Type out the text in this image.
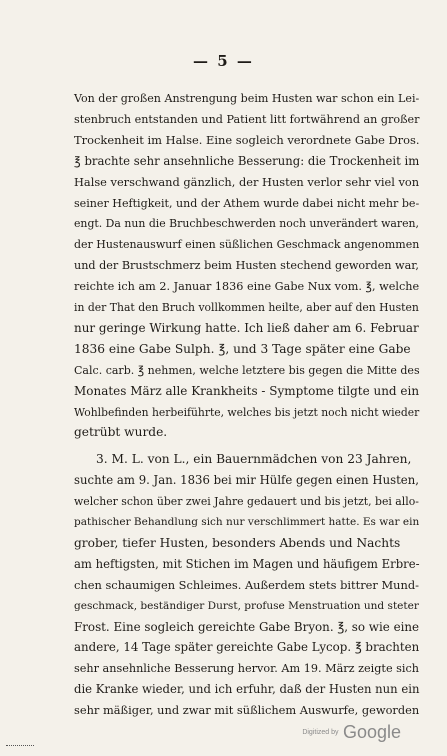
— 5 —
Von der großen Anstrengung beim Husten war schon ein Lei-
stenbruch entstanden und Patient litt fortwährend an großer
Trockenheit im Halse. Eine sogleich verordnete Gabe Dros.
℥ brachte sehr ansehnliche Besserung: die Trockenheit im
Halse verschwand gänzlich, der Husten verlor sehr viel von
seiner Heftigkeit, und der Athem wurde dabei nicht mehr be-
engt. Da nun die Bruchbeschwerden noch unverändert waren,
der Hustenauswurf einen süßlichen Geschmack angenommen
und der Brustschmerz beim Husten stechend geworden war,
reichte ich am 2. Januar 1836 eine Gabe Nux vom. ℥, welche
in der That den Bruch vollkommen heilte, aber auf den Husten
nur geringe Wirkung hatte. Ich ließ daher am 6. Februar
1836 eine Gabe Sulph. ℥, und 3 Tage später eine Gabe
Calc. carb. ℥ nehmen, welche letztere bis gegen die Mitte des
Monates März alle Krankheits - Symptome tilgte und ein
Wohlbefinden herbeiführte, welches bis jetzt noch nicht wieder
getrübt wurde.
3. M. L. von L., ein Bauernmädchen von 23 Jahren,
suchte am 9. Jan. 1836 bei mir Hülfe gegen einen Husten,
welcher schon über zwei Jahre gedauert und bis jetzt, bei allo-
pathischer Behandlung sich nur verschlimmert hatte. Es war ein
grober, tiefer Husten, besonders Abends und Nachts
am heftigsten, mit Stichen im Magen und häufigem Erbre-
chen schaumigen Schleimes. Außerdem stets bittrer Mund-
geschmack, beständiger Durst, profuse Menstruation und steter
Frost. Eine sogleich gereichte Gabe Bryon. ℥, so wie eine
andere, 14 Tage später gereichte Gabe Lycop. ℥ brachten
sehr ansehnliche Besserung hervor. Am 19. März zeigte sich
die Kranke wieder, und ich erfuhr, daß der Husten nun ein
sehr mäßiger, und zwar mit süßlichem Auswurfe, geworden
Digitized by Google
